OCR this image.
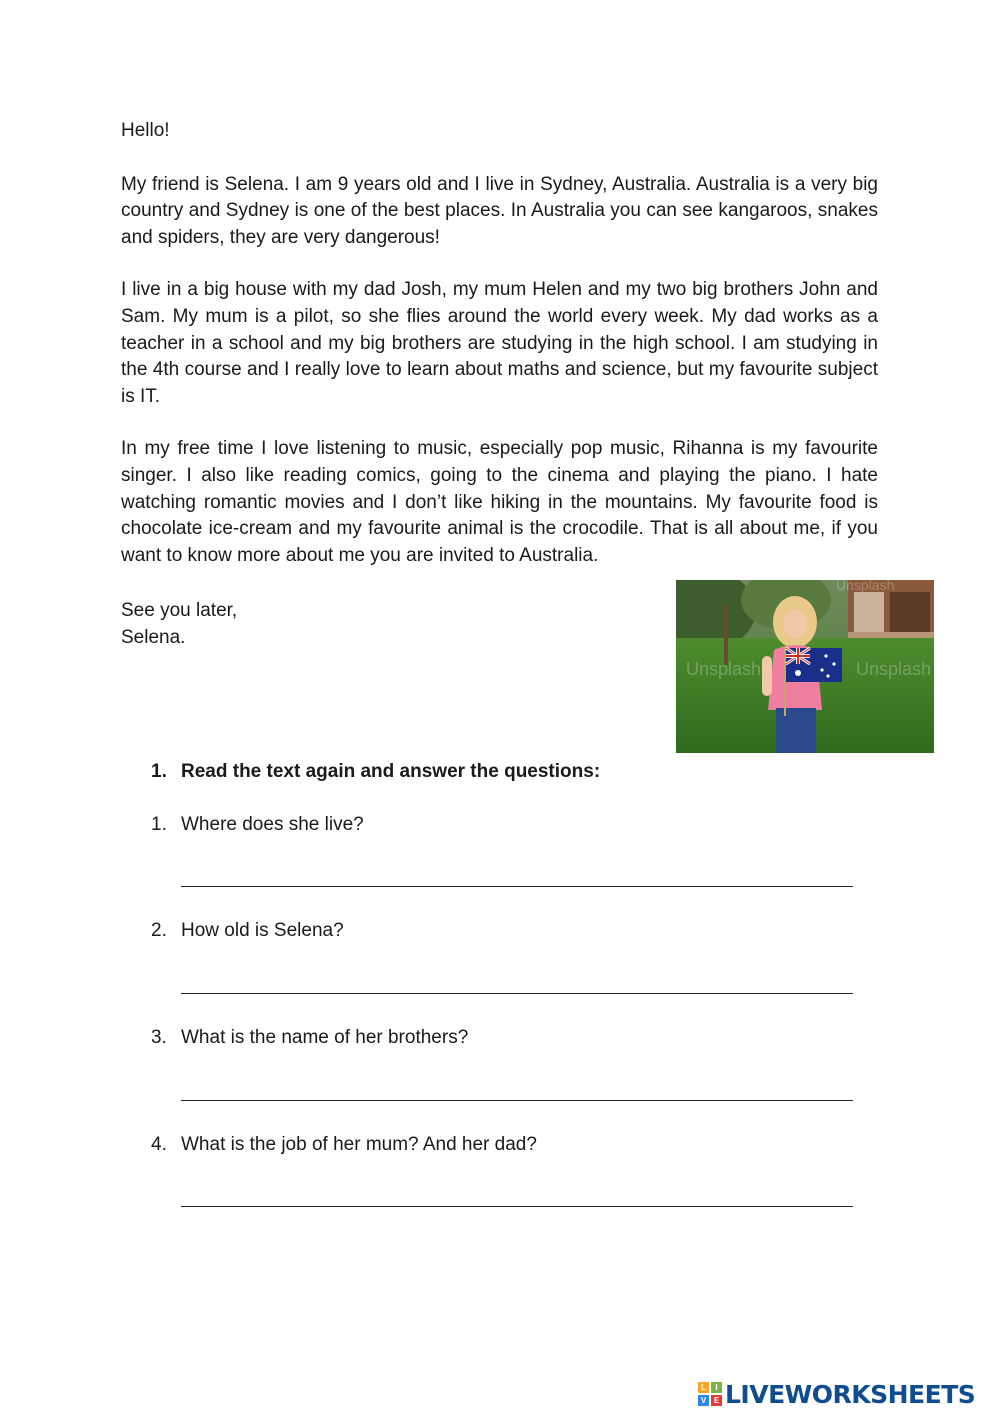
Hello!

My friend is Selena. I am 9 years old and I live in Sydney, Australia. Australia is a very big country and Sydney is one of the best places. In Australia you can see kangaroos, snakes and spiders, they are very dangerous!

I live in a big house with my dad Josh, my mum Helen and my two big brothers John and Sam. My mum is a pilot, so she flies around the world every week. My dad works as a teacher in a school and my big brothers are studying in the high school. I am studying in the 4th course and I really love to learn about maths and science, but my favourite subject is IT.

In my free time I love listening to music, especially pop music, Rihanna is my favourite singer. I also like reading comics, going to the cinema and playing the piano. I hate watching romantic movies and I don’t like hiking in the mountains. My favourite food is chocolate ice-cream and my favourite animal is the crocodile. That is all about me, if you want to know more about me you are invited to Australia.

See you later,
Selena.
Unsplash	Unsplash
Unsplash
1. Read the text again and answer the questions:
1. Where does she live?
2. How old is Selena?
3. What is the name of her brothers?
4. What is the job of her mum? And her dad?
L	I
V E LIVEWORKSHEETS
